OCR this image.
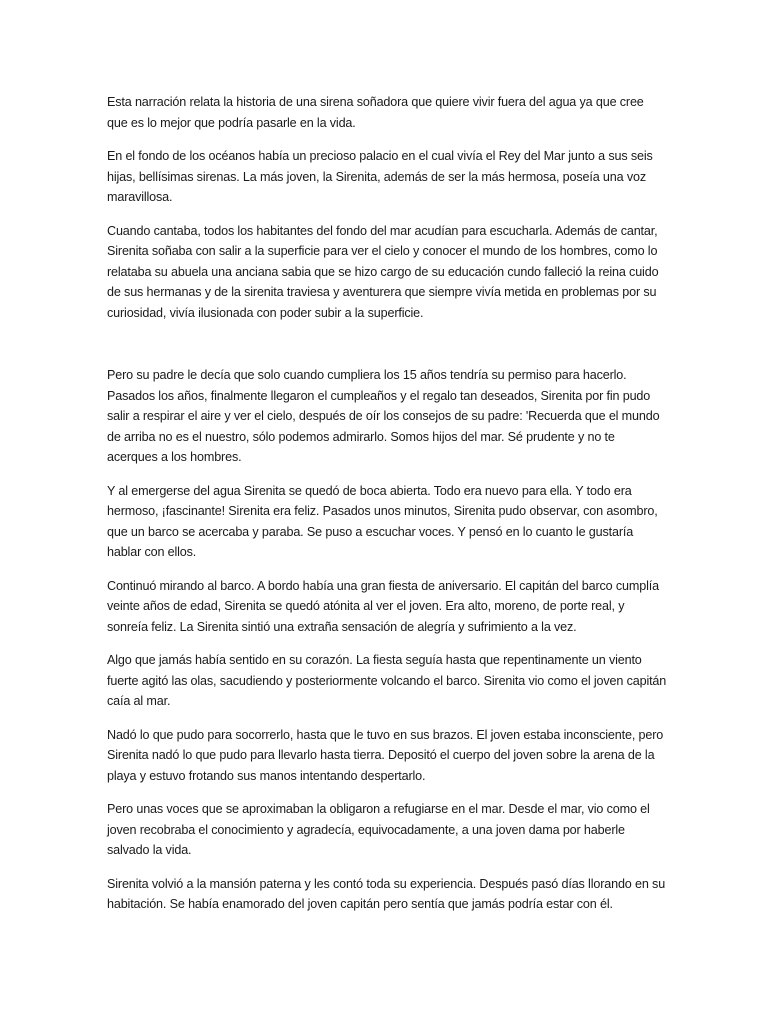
Esta narración relata la historia de una sirena soñadora que quiere vivir fuera del agua ya que cree que es lo mejor que podría pasarle en la vida.

En el fondo de los océanos había un precioso palacio en el cual vivía el Rey del Mar junto a sus seis hijas, bellísimas sirenas. La más joven, la Sirenita, además de ser la más hermosa, poseía una voz maravillosa.

Cuando cantaba, todos los habitantes del fondo del mar acudían para escucharla. Además de cantar, Sirenita soñaba con salir a la superficie para ver el cielo y conocer el mundo de los hombres, como lo relataba su abuela una anciana sabia que se hizo cargo de su educación cundo falleció la reina cuido de sus hermanas y de la sirenita traviesa y aventurera que siempre vivía metida en problemas por su curiosidad, vivía ilusionada con poder subir a la superficie.

Pero su padre le decía que solo cuando cumpliera los 15 años tendría su permiso para hacerlo. Pasados los años, finalmente llegaron el cumpleaños y el regalo tan deseados, Sirenita por fin pudo salir a respirar el aire y ver el cielo, después de oír los consejos de su padre: 'Recuerda que el mundo de arriba no es el nuestro, sólo podemos admirarlo. Somos hijos del mar. Sé prudente y no te acerques a los hombres.

Y al emergerse del agua Sirenita se quedó de boca abierta. Todo era nuevo para ella. Y todo era hermoso, ¡fascinante! Sirenita era feliz. Pasados unos minutos, Sirenita pudo observar, con asombro, que un barco se acercaba y paraba. Se puso a escuchar voces. Y pensó en lo cuanto le gustaría hablar con ellos.

Continuó mirando al barco. A bordo había una gran fiesta de aniversario. El capitán del barco cumplía veinte años de edad, Sirenita se quedó atónita al ver el joven. Era alto, moreno, de porte real, y sonreía feliz. La Sirenita sintió una extraña sensación de alegría y sufrimiento a la vez.

Algo que jamás había sentido en su corazón. La fiesta seguía hasta que repentinamente un viento fuerte agitó las olas, sacudiendo y posteriormente volcando el barco. Sirenita vio como el joven capitán caía al mar.

Nadó lo que pudo para socorrerlo, hasta que le tuvo en sus brazos. El joven estaba inconsciente, pero Sirenita nadó lo que pudo para llevarlo hasta tierra. Depositó el cuerpo del joven sobre la arena de la playa y estuvo frotando sus manos intentando despertarlo.

Pero unas voces que se aproximaban la obligaron a refugiarse en el mar. Desde el mar, vio como el joven recobraba el conocimiento y agradecía, equivocadamente, a una joven dama por haberle salvado la vida.

Sirenita volvió a la mansión paterna y les contó toda su experiencia. Después pasó días llorando en su habitación. Se había enamorado del joven capitán pero sentía que jamás podría estar con él.
